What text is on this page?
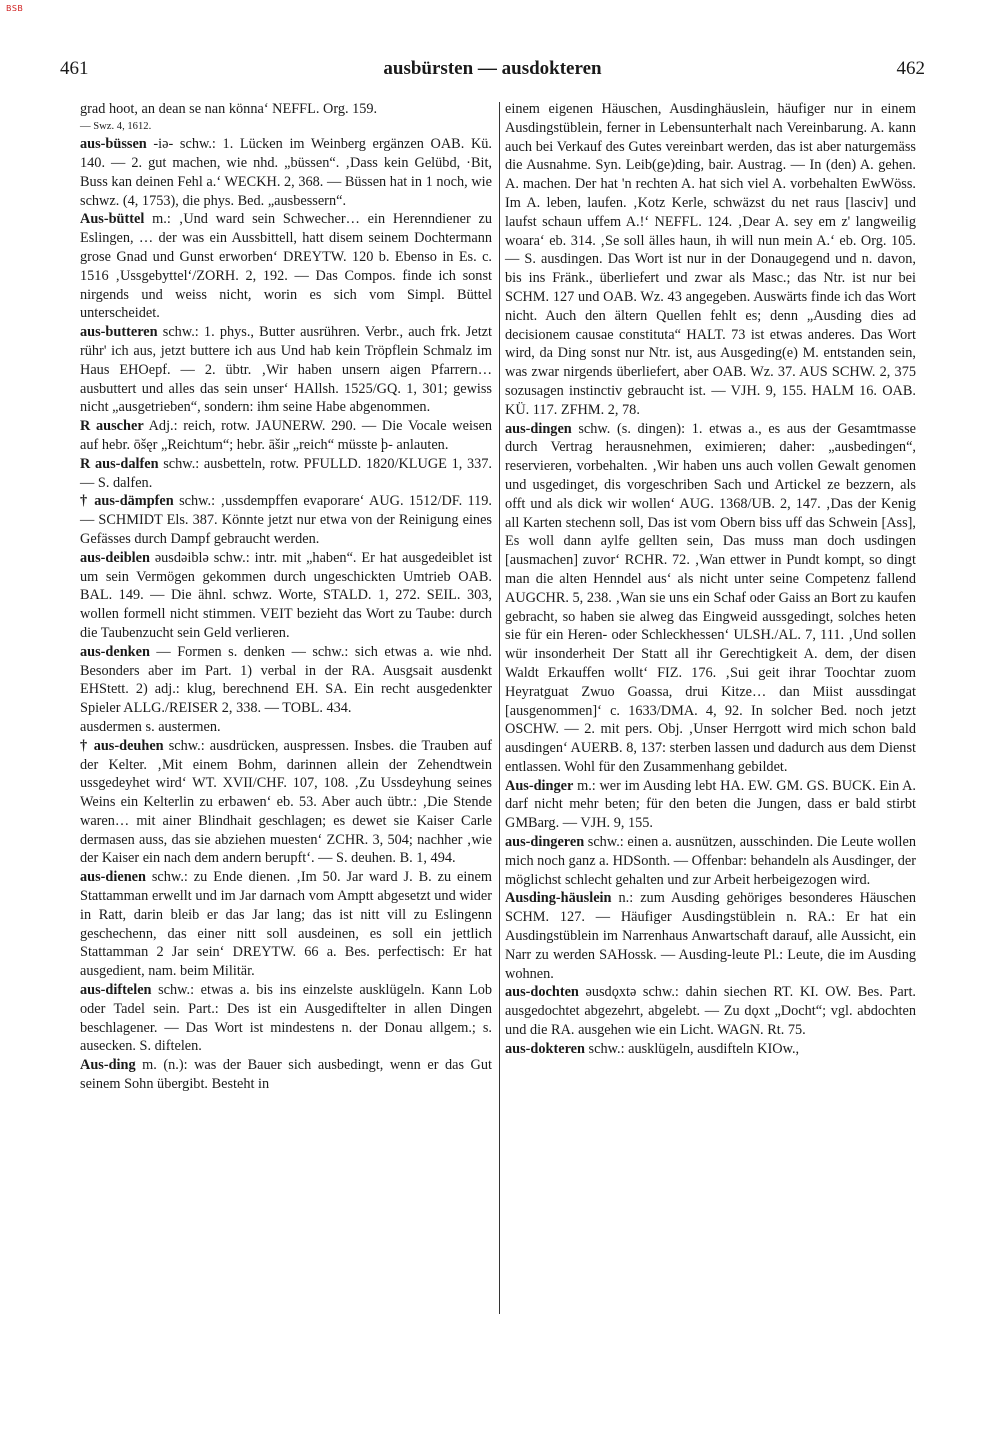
BSB
461	ausbürsten — ausdokteren	462

grad hoot, an dean se nan könna‘ NEFFL. Org. 159.

— Swz. 4, 1612.

aus-büssen -iə- schw.: 1. Lücken im Weinberg ergänzen OAB. Kü. 140. — 2. gut machen, wie nhd. „büssen“. ‚Dass kein Gelübd, ·Bit, Buss kan deinen Fehl a.‘ WECKH. 2, 368. — Büssen hat in 1 noch, wie schwz. (4, 1753), die phys. Bed. „ausbessern“.

Aus-büttel m.: ‚Und ward sein Schwecher… ein Herenndiener zu Eslingen, … der was ein Aussbittell, hatt disem seinem Dochtermann grose Gnad und Gunst erworben‘ DREYTW. 120 b. Ebenso in Es. c. 1516 ‚Ussgebyttel‘/ZORH. 2, 192. — Das Compos. finde ich sonst nirgends und weiss nicht, worin es sich vom Simpl. Büttel unterscheidet.

aus-butteren schw.: 1. phys., Butter ausrühren. Verbr., auch frk. Jetzt rühr' ich aus, jetzt buttere ich aus Und hab kein Tröpflein Schmalz im Haus EHOepf. — 2. übtr. ‚Wir haben unsern aigen Pfarrern… ausbuttert und alles das sein unser‘ HAllsh. 1525/GQ. 1, 301; gewiss nicht „ausgetrieben“, sondern: ihm seine Habe abgenommen.

R auscher Adj.: reich, rotw. JAUNERW. 290. — Die Vocale weisen auf hebr. ōšęr „Reichtum“; hebr. āšir „reich“ müsste ϸ- anlauten.

R aus-dalfen schw.: ausbetteln, rotw. PFULLD. 1820/KLUGE 1, 337. — S. dalfen.

† aus-dämpfen schw.: ‚ussdempffen evaporare‘ AUG. 1512/DF. 119. — SCHMIDT Els. 387. Könnte jetzt nur etwa von der Reinigung eines Gefässes durch Dampf gebraucht werden.

aus-deiblen əusdəiblə schw.: intr. mit „haben“. Er hat ausgedeiblet ist um sein Vermögen gekommen durch ungeschickten Umtrieb OAB. BAL. 149. — Die ähnl. schwz. Worte, STALD. 1, 272. SEIL. 303, wollen formell nicht stimmen. VEIT bezieht das Wort zu Taube: durch die Taubenzucht sein Geld verlieren.

aus-denken — Formen s. denken — schw.: sich etwas a. wie nhd. Besonders aber im Part. 1) verbal in der RA. Ausgsait ausdenkt EHStett. 2) adj.: klug, berechnend EH. SA. Ein recht ausgedenkter Spieler ALLG./REISER 2, 338. — TOBL. 434.

ausdermen s. austermen.

† aus-deuhen schw.: ausdrücken, auspressen. Insbes. die Trauben auf der Kelter. ‚Mit einem Bohm, darinnen allein der Zehendtwein ussgedeyhet wird‘ WT. XVII/CHF. 107, 108. ‚Zu Ussdeyhung seines Weins ein Kelterlin zu erbawen‘ eb. 53. Aber auch übtr.: ‚Die Stende waren… mit ainer Blindhait geschlagen; es dewet sie Kaiser Carle dermasen auss, das sie abziehen muesten‘ ZCHR. 3, 504; nachher ‚wie der Kaiser ein nach dem andern berupft‘. — S. deuhen. B. 1, 494.

aus-dienen schw.: zu Ende dienen. ‚Im 50. Jar ward J. B. zu einem Stattamman erwellt und im Jar darnach vom Amptt abgesetzt und wider in Ratt, darin bleib er das Jar lang; das ist nitt vill zu Eslingenn geschechenn, das einer nitt soll ausdeinen, es soll ein jettlich Stattamman 2 Jar sein‘ DREYTW. 66 a. Bes. perfectisch: Er hat ausgedient, nam. beim Militär.

aus-diftelen schw.: etwas a. bis ins einzelste ausklügeln. Kann Lob oder Tadel sein. Part.: Des ist ein Ausgediftelter in allen Dingen beschlagener. — Das Wort ist mindestens n. der Donau allgem.; s. ausecken. S. diftelen.

Aus-ding m. (n.): was der Bauer sich ausbedingt, wenn er das Gut seinem Sohn übergibt. Besteht in

einem eigenen Häuschen, Ausdinghäuslein, häufiger nur in einem Ausdingstüblein, ferner in Lebensunterhalt nach Vereinbarung. A. kann auch bei Verkauf des Gutes vereinbart werden, das ist aber naturgemäss die Ausnahme. Syn. Leib(ge)ding, bair. Austrag. — In (den) A. gehen. A. machen. Der hat 'n rechten A. hat sich viel A. vorbehalten EwWöss. Im A. leben, laufen. ‚Kotz Kerle, schwäzst du net raus [lasciv] und laufst schaun uffem A.!‘ NEFFL. 124. ‚Dear A. sey em z' langweilig woara‘ eb. 314. ‚Se soll älles haun, ih will nun mein A.‘ eb. Org. 105. — S. ausdingen. Das Wort ist nur in der Donaugegend und n. davon, bis ins Fränk., überliefert und zwar als Masc.; das Ntr. ist nur bei SCHM. 127 und OAB. Wz. 43 angegeben. Auswärts finde ich das Wort nicht. Auch den ältern Quellen fehlt es; denn „Ausding dies ad decisionem causae constituta“ HALT. 73 ist etwas anderes. Das Wort wird, da Ding sonst nur Ntr. ist, aus Ausgeding(e) M. entstanden sein, was zwar nirgends überliefert, aber OAB. Wz. 37. AUS SCHW. 2, 375 sozusagen instinctiv gebraucht ist. — VJH. 9, 155. HALM 16. OAB. KÜ. 117. ZFHM. 2, 78.

aus-dingen schw. (s. dingen): 1. etwas a., es aus der Gesamtmasse durch Vertrag herausnehmen, eximieren; daher: „ausbedingen“, reservieren, vorbehalten. ‚Wir haben uns auch vollen Gewalt genomen und usgedinget, dis vorgeschriben Sach und Artickel ze bezzern, als offt und als dick wir wollen‘ AUG. 1368/UB. 2, 147. ‚Das der Kenig all Karten stechenn soll, Das ist vom Obern biss uff das Schwein [Ass], Es woll dann aylfe gellten sein, Das muss man doch usdingen [ausmachen] zuvor‘ RCHR. 72. ‚Wan ettwer in Pundt kompt, so dingt man die alten Henndel aus‘ als nicht unter seine Competenz fallend AUGCHR. 5, 238. ‚Wan sie uns ein Schaf oder Gaiss an Bort zu kaufen gebracht, so haben sie alweg das Eingweid aussgedingt, solches heten sie für ein Heren- oder Schleckhessen‘ ULSH./AL. 7, 111. ‚Und sollen wür insonderheit Der Statt all ihr Gerechtigkeit A. dem, der disen Waldt Erkauffen wollt‘ FIZ. 176. ‚Sui geit ihrar Toochtar zuom Heyratguat Zwuo Goassa, drui Kitze… dan Miist aussdingat [ausgenommen]‘ c. 1633/DMA. 4, 92. In solcher Bed. noch jetzt OSCHW. — 2. mit pers. Obj. ‚Unser Herrgott wird mich schon bald ausdingen‘ AUERB. 8, 137: sterben lassen und dadurch aus dem Dienst entlassen. Wohl für den Zusammenhang gebildet.

Aus-dinger m.: wer im Ausding lebt HA. EW. GM. GS. BUCK. Ein A. darf nicht mehr beten; für den beten die Jungen, dass er bald stirbt GMBarg. — VJH. 9, 155.

aus-dingeren schw.: einen a. ausnützen, ausschinden. Die Leute wollen mich noch ganz a. HDSonth. — Offenbar: behandeln als Ausdinger, der möglichst schlecht gehalten und zur Arbeit herbeigezogen wird.

Ausding-häuslein n.: zum Ausding gehöriges besonderes Häuschen SCHM. 127. — Häufiger Ausdingstüblein n. RA.: Er hat ein Ausdingstüblein im Narrenhaus Anwartschaft darauf, alle Aussicht, ein Narr zu werden SAHossk. — Ausding-leute Pl.: Leute, die im Ausding wohnen.

aus-dochten əusdǫxtə schw.: dahin siechen RT. KI. OW. Bes. Part. ausgedochtet abgezehrt, abgelebt. — Zu dǫxt „Docht“; vgl. abdochten und die RA. ausgehen wie ein Licht. WAGN. Rt. 75.

aus-dokteren schw.: ausklügeln, ausdifteln KIOw.,
